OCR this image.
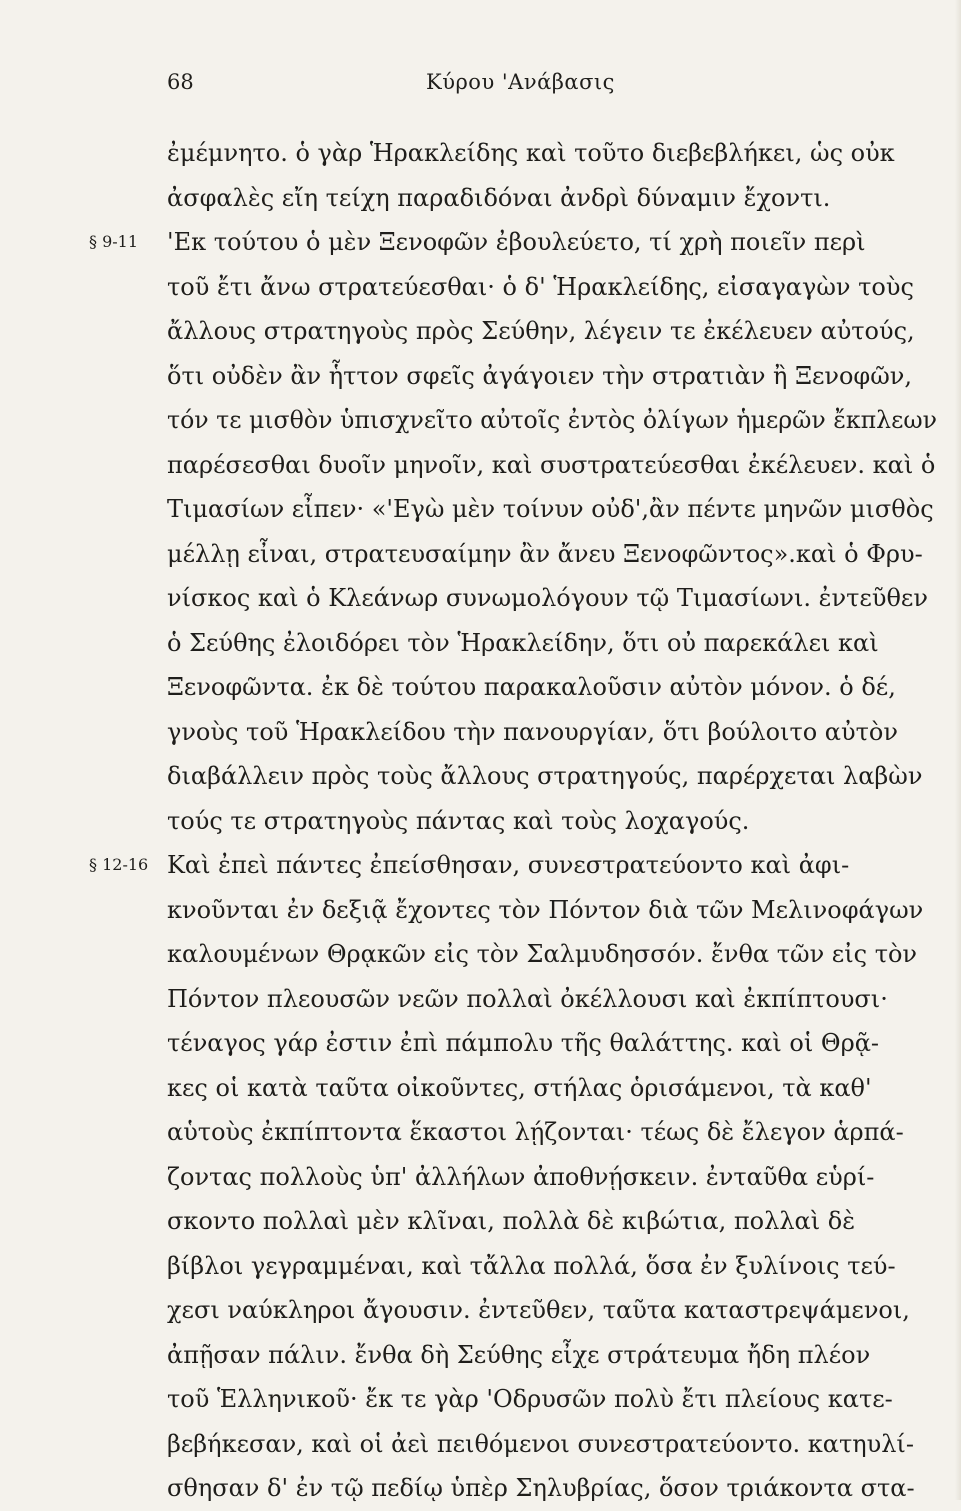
68	Κύρου 'Ανάβασις
ἐμέμνητο. ὁ γὰρ Ἡρακλείδης καὶ τοῦτο διεβεβλήκει, ὡς οὐκ
ἀσφαλὲς εἴη τείχη παραδιδόναι ἀνδρὶ δύναμιν ἔχοντι.
§ 9-11 'Εκ τούτου ὁ μὲν Ξενοφῶν ἐβουλεύετο, τί χρὴ ποιεῖν περὶ
τοῦ ἔτι ἄνω στρατεύεσθαι· ὁ δ' Ἡρακλείδης, εἰσαγαγὼν τοὺς
ἄλλους στρατηγοὺς πρὸς Σεύθην, λέγειν τε ἐκέλευεν αὐτούς,
ὅτι οὐδὲν ἂν ἧττον σφεῖς ἀγάγοιεν τὴν στρατιὰν ἢ Ξενοφῶν,
τόν τε μισθὸν ὑπισχνεῖτο αὐτοῖς ἐντὸς ὀλίγων ἡμερῶν ἔκπλεων
παρέσεσθαι δυοῖν μηνοῖν, καὶ συστρατεύεσθαι ἐκέλευεν. καὶ ὁ
Τιμασίων εἶπεν· «'Εγὼ μὲν τοίνυν οὐδ',ἂν πέντε μηνῶν μισθὸς
μέλλῃ εἶναι, στρατευσαίμην ἂν ἄνευ Ξενοφῶντος».καὶ ὁ Φρυ-
νίσκος καὶ ὁ Κλεάνωρ συνωμολόγουν τῷ Τιμασίωνι. ἐντεῦθεν
ὁ Σεύθης ἐλοιδόρει τὸν Ἡρακλείδην, ὅτι οὐ παρεκάλει καὶ
Ξενοφῶντα. ἐκ δὲ τούτου παρακαλοῦσιν αὐτὸν μόνον. ὁ δέ,
γνοὺς τοῦ Ἡρακλείδου τὴν πανουργίαν, ὅτι βούλοιτο αὐτὸν
διαβάλλειν πρὸς τοὺς ἄλλους στρατηγούς, παρέρχεται λαβὼν
τούς τε στρατηγοὺς πάντας καὶ τοὺς λοχαγούς.
§ 12-16 Καὶ ἐπεὶ πάντες ἐπείσθησαν, συνεστρατεύοντο καὶ ἀφι-
κνοῦνται ἐν δεξιᾷ ἔχοντες τὸν Πόντον διὰ τῶν Μελινοφάγων
καλουμένων Θρᾳκῶν εἰς τὸν Σαλμυδησσόν. ἔνθα τῶν εἰς τὸν
Πόντον πλεουσῶν νεῶν πολλαὶ ὀκέλλουσι καὶ ἐκπίπτουσι·
τέναγος γάρ ἐστιν ἐπὶ πάμπολυ τῆς θαλάττης. καὶ οἱ Θρᾷ-
κες οἱ κατὰ ταῦτα οἰκοῦντες, στήλας ὁρισάμενοι, τὰ καθ'
αὑτοὺς ἐκπίπτοντα ἕκαστοι λῄζονται· τέως δὲ ἔλεγον ἁρπά-
ζοντας πολλοὺς ὑπ' ἀλλήλων ἀποθνῄσκειν. ἐνταῦθα εὑρί-
σκοντο πολλαὶ μὲν κλῖναι, πολλὰ δὲ κιβώτια, πολλαὶ δὲ
βίβλοι γεγραμμέναι, καὶ τἄλλα πολλά, ὅσα ἐν ξυλίνοις τεύ-
χεσι ναύκληροι ἄγουσιν. ἐντεῦθεν, ταῦτα καταστρεψάμενοι,
ἀπῇσαν πάλιν. ἔνθα δὴ Σεύθης εἶχε στράτευμα ἤδη πλέον
τοῦ Ἑλληνικοῦ· ἔκ τε γὰρ 'Οδρυσῶν πολὺ ἔτι πλείους κατε-
βεβήκεσαν, καὶ οἱ ἀεὶ πειθόμενοι συνεστρατεύοντο. κατηυλί-
σθησαν δ' ἐν τῷ πεδίῳ ὑπὲρ Σηλυβρίας, ὅσον τριάκοντα στα-
